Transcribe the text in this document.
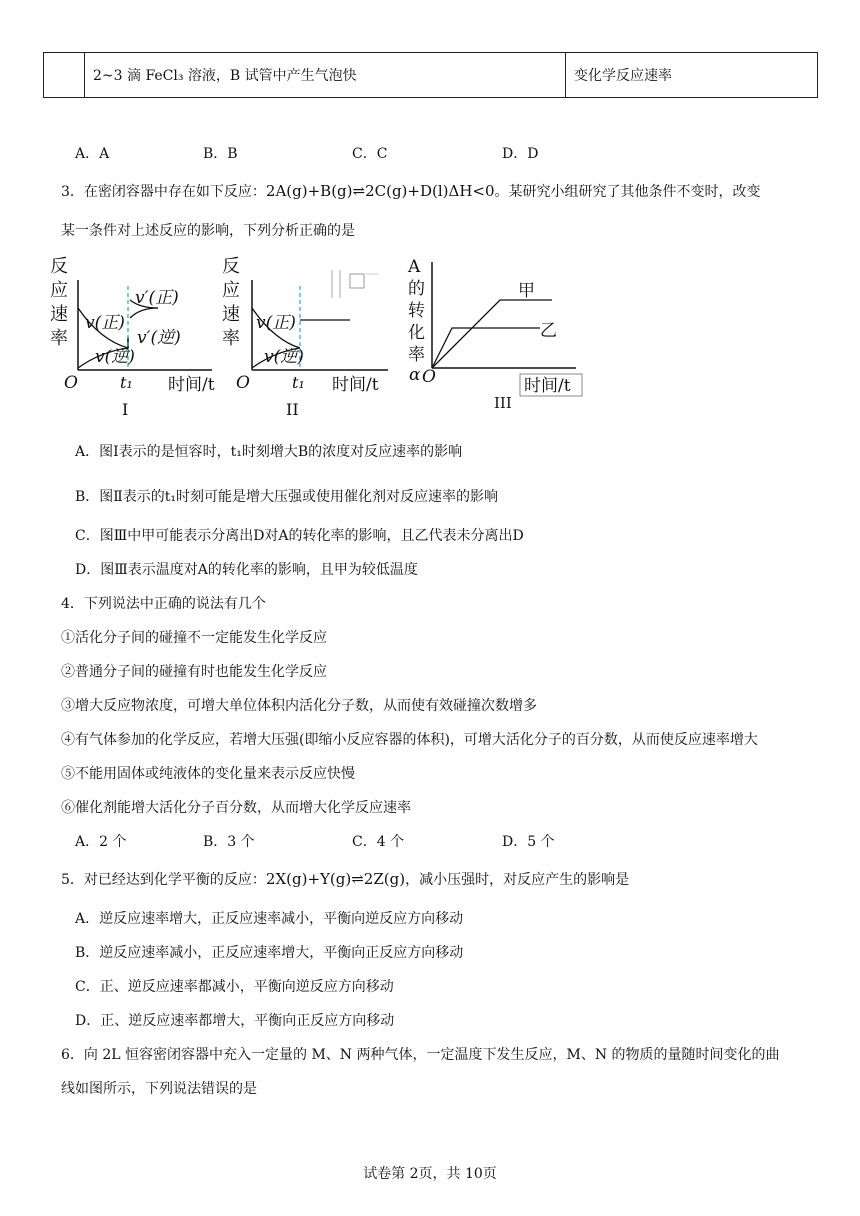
	2~3 滴 FeCl₃ 溶液，B 试管中产生气泡快	变化学反应速率
A．A	B．B	C．C	D．D
3．在密闭容器中存在如下反应：2A(g)+B(g)⇌2C(g)+D(l)ΔH<0。某研究小组研究了其他条件不变时，改变
某一条件对上述反应的影响，下列分析正确的是
反
应
速
率
v(正)
v(逆)
v′(正)
v′(逆)
O	t₁ 时间/t
I
反
应
速
率
v(正)
v(逆)
O	t₁ 时间/t
II
A
的
转
化
率
α
甲
乙
O	时间/t
III
A．图Ⅰ表示的是恒容时，t₁时刻增大B的浓度对反应速率的影响
B．图Ⅱ表示的t₁时刻可能是增大压强或使用催化剂对反应速率的影响
C．图Ⅲ中甲可能表示分离出D对A的转化率的影响，且乙代表未分离出D
D．图Ⅲ表示温度对A的转化率的影响，且甲为较低温度
4．下列说法中正确的说法有几个
①活化分子间的碰撞不一定能发生化学反应
②普通分子间的碰撞有时也能发生化学反应
③增大反应物浓度，可增大单位体积内活化分子数，从而使有效碰撞次数增多
④有气体参加的化学反应，若增大压强(即缩小反应容器的体积)，可增大活化分子的百分数，从而使反应速率增大
⑤不能用固体或纯液体的变化量来表示反应快慢
⑥催化剂能增大活化分子百分数，从而增大化学反应速率
A．2 个	B．3 个	C．4 个	D．5 个
5．对已经达到化学平衡的反应：2X(g)+Y(g)⇌2Z(g)，减小压强时，对反应产生的影响是
A．逆反应速率增大，正反应速率减小，平衡向逆反应方向移动
B．逆反应速率减小，正反应速率增大，平衡向正反应方向移动
C．正、逆反应速率都减小，平衡向逆反应方向移动
D．正、逆反应速率都增大，平衡向正反应方向移动
6．向 2L 恒容密闭容器中充入一定量的 M、N 两种气体，一定温度下发生反应，M、N 的物质的量随时间变化的曲
线如图所示，下列说法错误的是
试卷第 2页，共 10页
